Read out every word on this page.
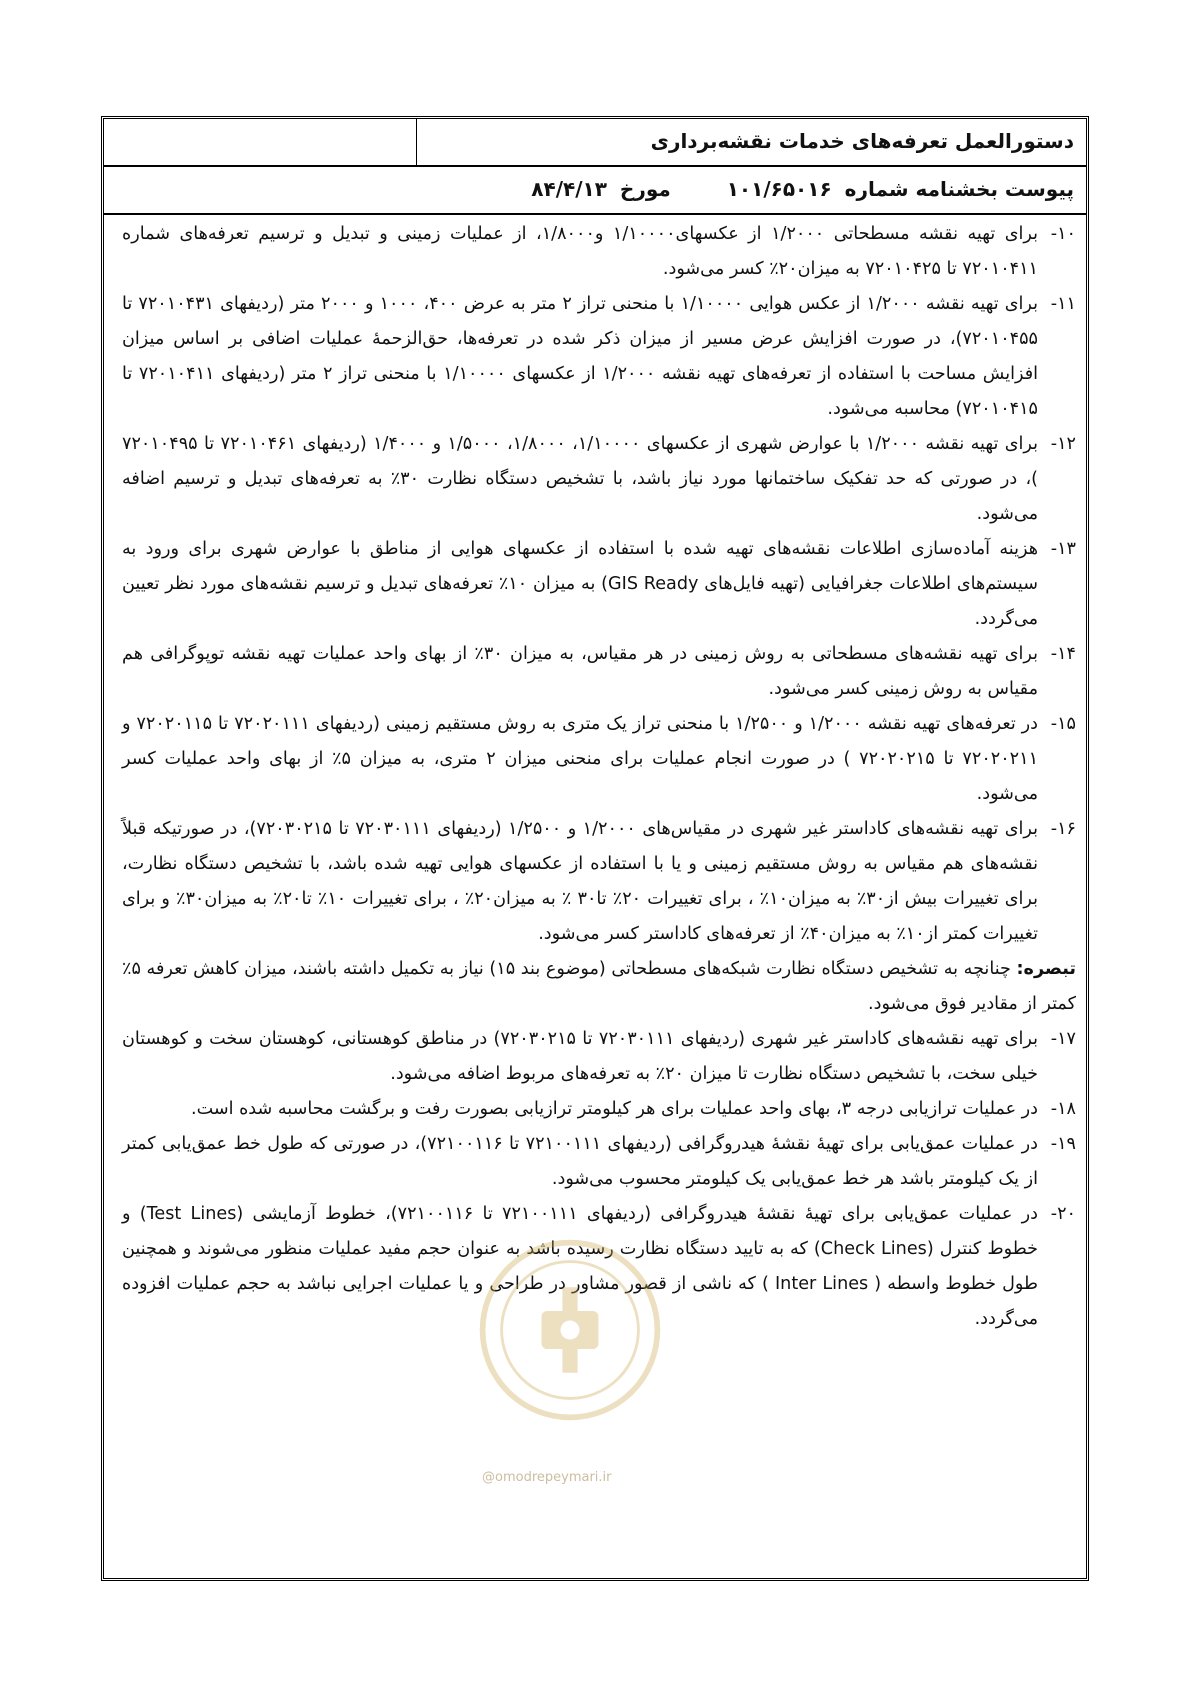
دستورالعمل تعرفه‌های خدمات نقشه‌برداری
پیوست بخشنامه شماره ۱۰۱/۶۵۰۱۶  مورخ ۸۴/۴/۱۳
۱۰-
برای تهیه نقشه مسطحاتی ۱/۲۰۰۰ از عکسهای۱/۱۰۰۰۰ و۱/۸۰۰۰، از عملیات زمینی و تبدیل و ترسیم تعرفه‌های شماره ۷۲۰۱۰۴۱۱ تا ۷۲۰۱۰۴۲۵ به میزان۲۰٪ کسر می‌شود.
۱۱-
برای تهیه نقشه ۱/۲۰۰۰ از عکس هوایی ۱/۱۰۰۰۰ با منحنی تراز ۲ متر به عرض ۴۰۰، ۱۰۰۰ و ۲۰۰۰ متر (ردیفهای ۷۲۰۱۰۴۳۱ تا ۷۲۰۱۰۴۵۵)، در صورت افزایش عرض مسیر از میزان ذکر شده در تعرفه‌ها، حق‌الزحمهٔ عملیات اضافی بر اساس میزان افزایش مساحت با استفاده از تعرفه‌های تهیه نقشه ۱/۲۰۰۰ از عکسهای ۱/۱۰۰۰۰ با منحنی تراز ۲ متر (ردیفهای ۷۲۰۱۰۴۱۱ تا ۷۲۰۱۰۴۱۵) محاسبه می‌شود.
۱۲-
برای تهیه نقشه ۱/۲۰۰۰ با عوارض شهری از عکسهای ۱/۱۰۰۰۰، ۱/۸۰۰۰، ۱/۵۰۰۰ و ۱/۴۰۰۰ (ردیفهای ۷۲۰۱۰۴۶۱ تا ۷۲۰۱۰۴۹۵ )، در صورتی که حد تفکیک ساختمانها مورد نیاز باشد، با تشخیص دستگاه نظارت ۳۰٪ به تعرفه‌های تبدیل و ترسیم اضافه می‌شود.
۱۳-
هزینه آماده‌سازی اطلاعات نقشه‌های تهیه شده با استفاده از عکسهای هوایی از مناطق با عوارض شهری برای ورود به سیستم‌های اطلاعات جغرافیایی (تهیه فایل‌های GIS Ready) به میزان ۱۰٪ تعرفه‌های تبدیل و ترسیم نقشه‌های مورد نظر تعیین می‌گردد.
۱۴-
برای تهیه نقشه‌های مسطحاتی به روش زمینی در هر مقیاس، به میزان ۳۰٪ از بهای واحد عملیات تهیه نقشه توپوگرافی هم مقیاس به روش زمینی کسر می‌شود.
۱۵-
در تعرفه‌های تهیه نقشه ۱/۲۰۰۰ و ۱/۲۵۰۰ با منحنی تراز یک متری به روش مستقیم زمینی (ردیفهای ۷۲۰۲۰۱۱۱ تا ۷۲۰۲۰۱۱۵ و ۷۲۰۲۰۲۱۱ تا ۷۲۰۲۰۲۱۵ ) در صورت انجام عملیات برای منحنی میزان ۲ متری، به میزان ۵٪ از بهای واحد عملیات کسر می‌شود.
۱۶-
برای تهیه نقشه‌های کاداستر غیر شهری در مقیاس‌های ۱/۲۰۰۰ و ۱/۲۵۰۰ (ردیفهای ۷۲۰۳۰۱۱۱ تا ۷۲۰۳۰۲۱۵)، در صورتیکه قبلاً نقشه‌های هم مقیاس به روش مستقیم زمینی و یا با استفاده از عکسهای هوایی تهیه شده باشد، با تشخیص دستگاه نظارت، برای تغییرات بیش از۳۰٪ به میزان۱۰٪ ، برای تغییرات ۲۰٪ تا۳۰ ٪ به میزان۲۰٪ ، برای تغییرات ۱۰٪ تا۲۰٪ به میزان۳۰٪ و برای تغییرات کمتر از۱۰٪ به میزان۴۰٪ از تعرفه‌های کاداستر کسر می‌شود.
تبصره: چنانچه به تشخیص دستگاه نظارت شبکه‌های مسطحاتی (موضوع بند ۱۵) نیاز به تکمیل داشته باشند، میزان کاهش تعرفه ۵٪ کمتر از مقادیر فوق می‌شود.
۱۷-
برای تهیه نقشه‌های کاداستر غیر شهری (ردیفهای ۷۲۰۳۰۱۱۱ تا ۷۲۰۳۰۲۱۵) در مناطق کوهستانی، کوهستان سخت و کوهستان خیلی سخت، با تشخیص دستگاه نظارت تا میزان ۲۰٪ به تعرفه‌های مربوط اضافه می‌شود.
۱۸-
در عملیات ترازیابی درجه ۳، بهای واحد عملیات برای هر کیلومتر ترازیابی بصورت رفت و برگشت محاسبه شده است.
۱۹-
در عملیات عمق‌یابی برای تهیهٔ نقشهٔ هیدروگرافی (ردیفهای ۷۲۱۰۰۱۱۱ تا ۷۲۱۰۰۱۱۶)، در صورتی که طول خط عمق‌یابی کمتر از یک کیلومتر باشد هر خط عمق‌یابی یک کیلومتر محسوب می‌شود.
۲۰-
در عملیات عمق‌یابی برای تهیهٔ نقشهٔ هیدروگرافی (ردیفهای ۷۲۱۰۰۱۱۱ تا ۷۲۱۰۰۱۱۶)، خطوط آزمایشی (Test Lines) و خطوط کنترل (Check Lines) که به تایید دستگاه نظارت رسیده باشد به عنوان حجم مفید عملیات منظور می‌شوند و همچنین طول خطوط واسطه ( Inter Lines ) که ناشی از قصور مشاور در طراحی و یا عملیات اجرایی نباشد به حجم عملیات افزوده می‌گردد.
@omodrepeymari.ir
